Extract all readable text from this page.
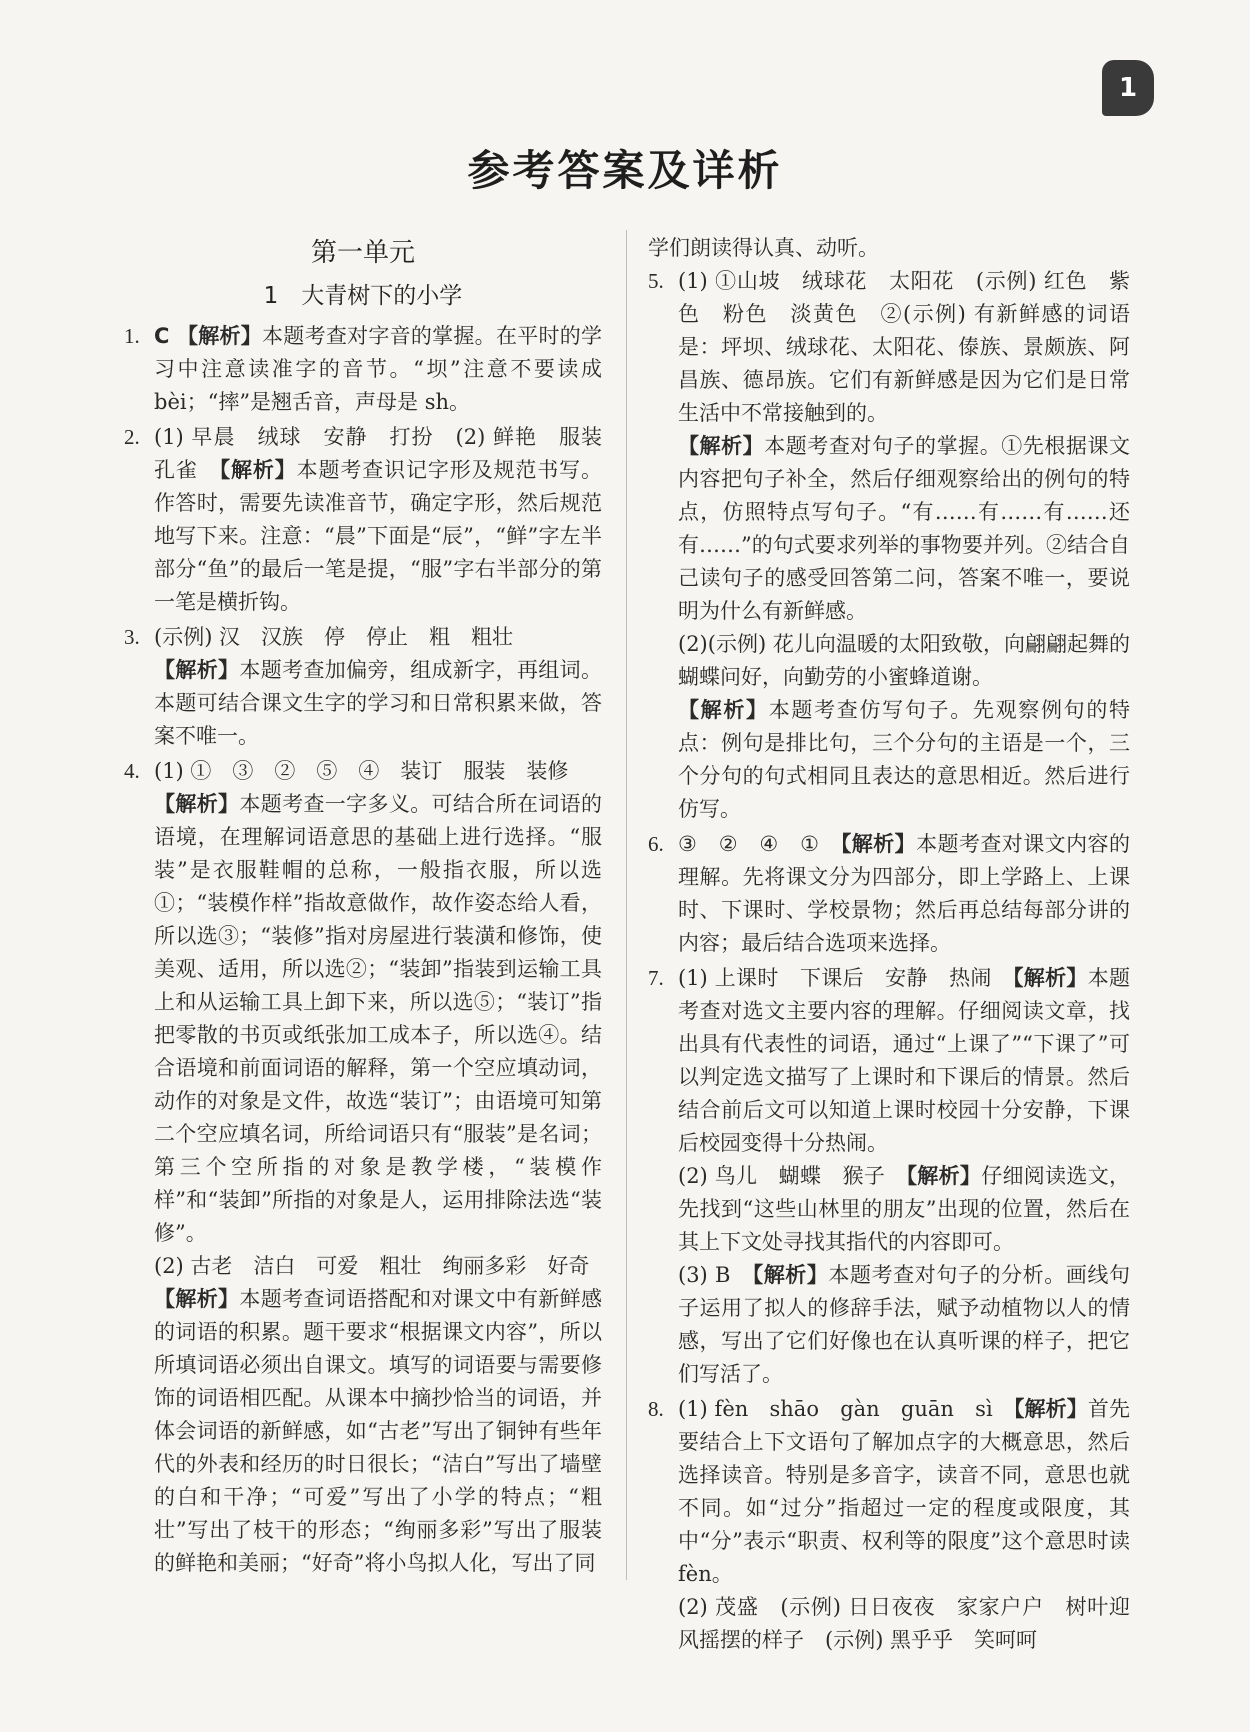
1
参考答案及详析
第一单元
1　大青树下的小学
1. C 【解析】本题考查对字音的掌握。在平时的学习中注意读准字的音节。“坝”注意不要读成 bèi；“摔”是翘舌音，声母是 sh。

2. (1) 早晨　绒球　安静　打扮　(2) 鲜艳　服装　孔雀　【解析】本题考查识记字形及规范书写。作答时，需要先读准音节，确定字形，然后规范地写下来。注意：“晨”下面是“辰”，“鲜”字左半部分“鱼”的最后一笔是提，“服”字右半部分的第一笔是横折钩。

3. (示例) 汉　汉族　停　停止　粗　粗壮

【解析】本题考查加偏旁，组成新字，再组词。本题可结合课文生字的学习和日常积累来做，答案不唯一。

4. (1) ①　③　②　⑤　④　装订　服装　装修

【解析】本题考查一字多义。可结合所在词语的语境，在理解词语意思的基础上进行选择。“服装”是衣服鞋帽的总称，一般指衣服，所以选①；“装模作样”指故意做作，故作姿态给人看，所以选③；“装修”指对房屋进行装潢和修饰，使美观、适用，所以选②；“装卸”指装到运输工具上和从运输工具上卸下来，所以选⑤；“装订”指把零散的书页或纸张加工成本子，所以选④。结合语境和前面词语的解释，第一个空应填动词，动作的对象是文件，故选“装订”；由语境可知第二个空应填名词，所给词语只有“服装”是名词；第三个空所指的对象是教学楼，“装模作样”和“装卸”所指的对象是人，运用排除法选“装修”。

(2) 古老　洁白　可爱　粗壮　绚丽多彩　好奇

【解析】本题考查词语搭配和对课文中有新鲜感的词语的积累。题干要求“根据课文内容”，所以所填词语必须出自课文。填写的词语要与需要修饰的词语相匹配。从课本中摘抄恰当的词语，并体会词语的新鲜感，如“古老”写出了铜钟有些年代的外表和经历的时日很长；“洁白”写出了墙壁的白和干净；“可爱”写出了小学的特点；“粗壮”写出了枝干的形态；“绚丽多彩”写出了服装的鲜艳和美丽；“好奇”将小鸟拟人化，写出了同

学们朗读得认真、动听。

5. (1) ①山坡　绒球花　太阳花　(示例) 红色　紫色　粉色　淡黄色　②(示例) 有新鲜感的词语是：坪坝、绒球花、太阳花、傣族、景颇族、阿昌族、德昂族。它们有新鲜感是因为它们是日常生活中不常接触到的。

【解析】本题考查对句子的掌握。①先根据课文内容把句子补全，然后仔细观察给出的例句的特点，仿照特点写句子。“有……有……有……还有……”的句式要求列举的事物要并列。②结合自己读句子的感受回答第二问，答案不唯一，要说明为什么有新鲜感。

(2)(示例) 花儿向温暖的太阳致敬，向翩翩起舞的蝴蝶问好，向勤劳的小蜜蜂道谢。

【解析】本题考查仿写句子。先观察例句的特点：例句是排比句，三个分句的主语是一个，三个分句的句式相同且表达的意思相近。然后进行仿写。

6. ③　②　④　①　【解析】本题考查对课文内容的理解。先将课文分为四部分，即上学路上、上课时、下课时、学校景物；然后再总结每部分讲的内容；最后结合选项来选择。

7. (1) 上课时　下课后　安静　热闹　【解析】本题考查对选文主要内容的理解。仔细阅读文章，找出具有代表性的词语，通过“上课了”“下课了”可以判定选文描写了上课时和下课后的情景。然后结合前后文可以知道上课时校园十分安静，下课后校园变得十分热闹。

(2) 鸟儿　蝴蝶　猴子　【解析】仔细阅读选文，先找到“这些山林里的朋友”出现的位置，然后在其上下文处寻找其指代的内容即可。

(3) B　【解析】本题考查对句子的分析。画线句子运用了拟人的修辞手法，赋予动植物以人的情感，写出了它们好像也在认真听课的样子，把它们写活了。

8. (1) fèn　shāo　gàn　guān　sì　【解析】首先要结合上下文语句了解加点字的大概意思，然后选择读音。特别是多音字，读音不同，意思也就不同。如“过分”指超过一定的程度或限度，其中“分”表示“职责、权利等的限度”这个意思时读 fèn。

(2) 茂盛　(示例) 日日夜夜　家家户户　树叶迎风摇摆的样子　(示例) 黑乎乎　笑呵呵
